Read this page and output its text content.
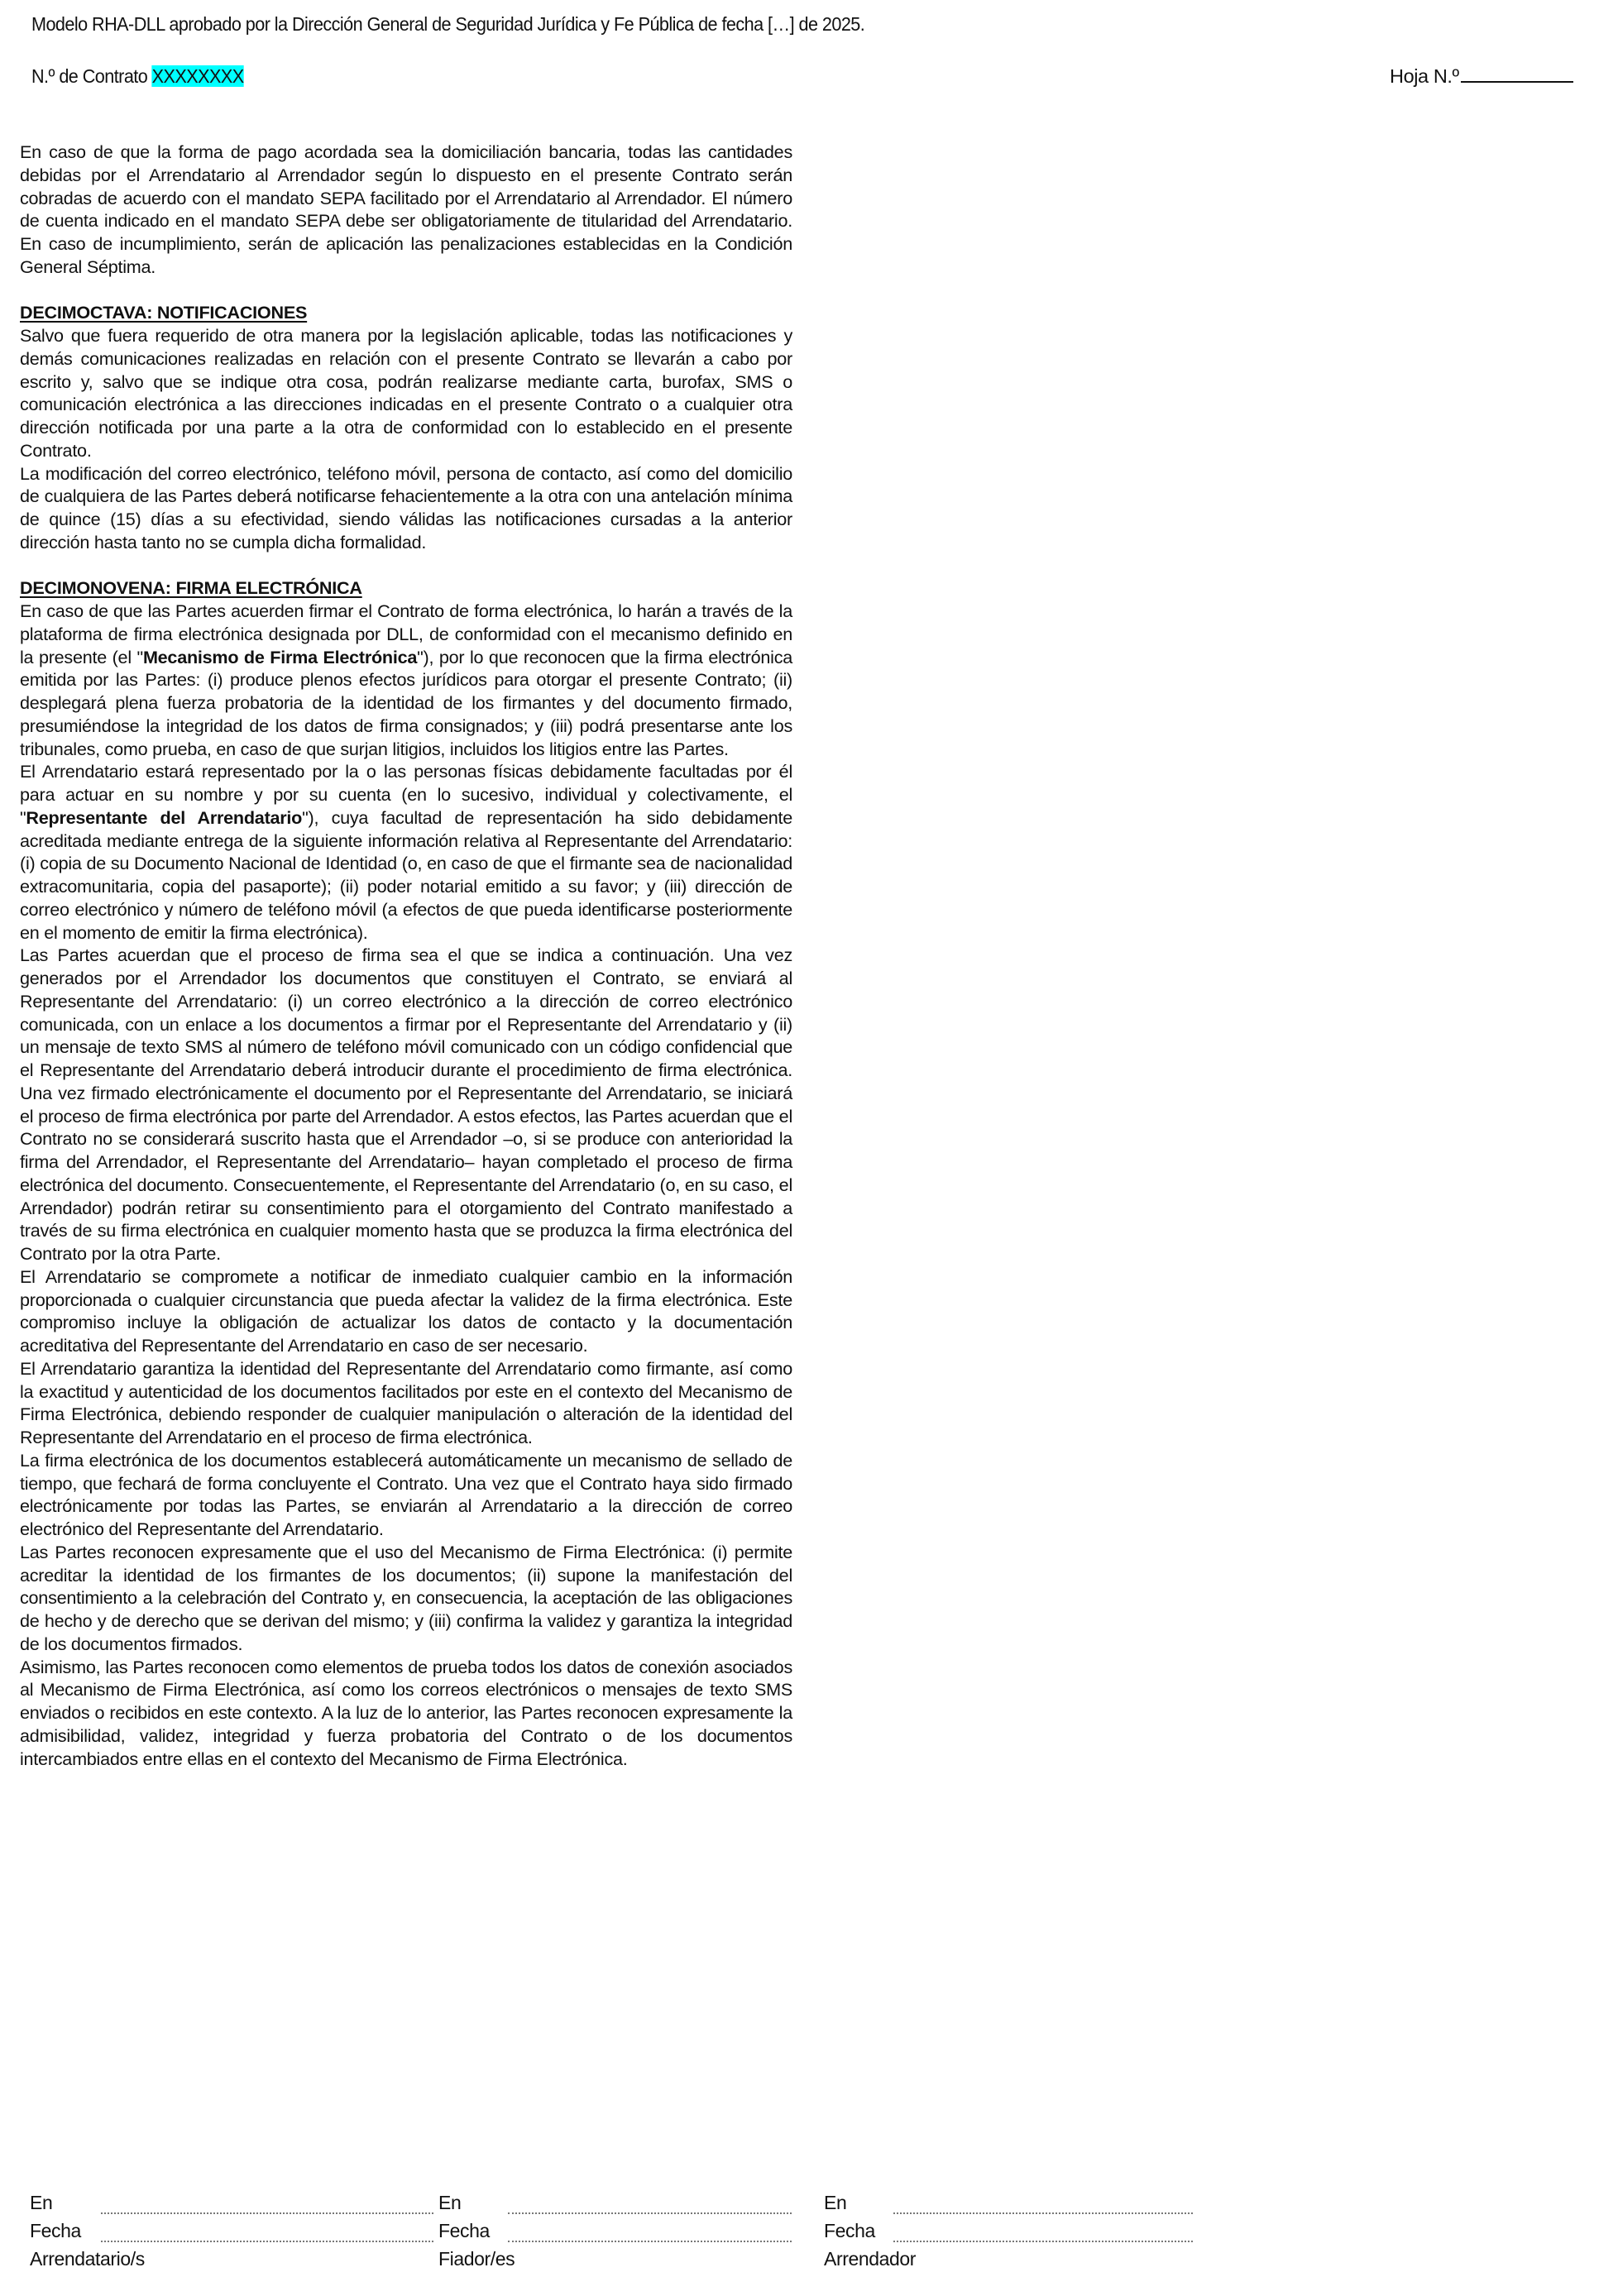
Modelo RHA-DLL aprobado por la Dirección General de Seguridad Jurídica y Fe Pública de fecha […] de 2025.
N.º de Contrato XXXXXXXX	Hoja N.º

En caso de que la forma de pago acordada sea la domiciliación bancaria, todas las cantidades debidas por el Arrendatario al Arrendador según lo dispuesto en el presente Contrato serán cobradas de acuerdo con el mandato SEPA facilitado por el Arrendatario al Arrendador. El número de cuenta indicado en el mandato SEPA debe ser obligatoriamente de titularidad del Arrendatario. En caso de incumplimiento, serán de aplicación las penalizaciones establecidas en la Condición General Séptima.

DECIMOCTAVA: NOTIFICACIONES

Salvo que fuera requerido de otra manera por la legislación aplicable, todas las notificaciones y demás comunicaciones realizadas en relación con el presente Contrato se llevarán a cabo por escrito y, salvo que se indique otra cosa, podrán realizarse mediante carta, burofax, SMS o comunicación electrónica a las direcciones indicadas en el presente Contrato o a cualquier otra dirección notificada por una parte a la otra de conformidad con lo establecido en el presente Contrato.

La modificación del correo electrónico, teléfono móvil, persona de contacto, así como del domicilio de cualquiera de las Partes deberá notificarse fehacientemente a la otra con una antelación mínima de quince (15) días a su efectividad, siendo válidas las notificaciones cursadas a la anterior dirección hasta tanto no se cumpla dicha formalidad.

DECIMONOVENA: FIRMA ELECTRÓNICA

En caso de que las Partes acuerden firmar el Contrato de forma electrónica, lo harán a través de la plataforma de firma electrónica designada por DLL, de conformidad con el mecanismo definido en la presente (el "Mecanismo de Firma Electrónica"), por lo que reconocen que la firma electrónica emitida por las Partes: (i) produce plenos efectos jurídicos para otorgar el presente Contrato; (ii) desplegará plena fuerza probatoria de la identidad de los firmantes y del documento firmado, presumiéndose la integridad de los datos de firma consignados; y (iii) podrá presentarse ante los tribunales, como prueba, en caso de que surjan litigios, incluidos los litigios entre las Partes.

El Arrendatario estará representado por la o las personas físicas debidamente facultadas por él para actuar en su nombre y por su cuenta (en lo sucesivo, individual y colectivamente, el "Representante del Arrendatario"), cuya facultad de representación ha sido debidamente acreditada mediante entrega de la siguiente información relativa al Representante del Arrendatario: (i) copia de su Documento Nacional de Identidad (o, en caso de que el firmante sea de nacionalidad extracomunitaria, copia del pasaporte); (ii) poder notarial emitido a su favor; y (iii) dirección de correo electrónico y número de teléfono móvil (a efectos de que pueda identificarse posteriormente en el momento de emitir la firma electrónica).

Las Partes acuerdan que el proceso de firma sea el que se indica a continuación. Una vez generados por el Arrendador los documentos que constituyen el Contrato, se enviará al Representante del Arrendatario: (i) un correo electrónico a la dirección de correo electrónico comunicada, con un enlace a los documentos a firmar por el Representante del Arrendatario y (ii) un mensaje de texto SMS al número de teléfono móvil comunicado con un código confidencial que el Representante del Arrendatario deberá introducir durante el procedimiento de firma electrónica. Una vez firmado electrónicamente el documento por el Representante del Arrendatario, se iniciará el proceso de firma electrónica por parte del Arrendador. A estos efectos, las Partes acuerdan que el Contrato no se considerará suscrito hasta que el Arrendador –o, si se produce con anterioridad la firma del Arrendador, el Representante del Arrendatario– hayan completado el proceso de firma electrónica del documento. Consecuentemente, el Representante del Arrendatario (o, en su caso, el Arrendador) podrán retirar su consentimiento para el otorgamiento del Contrato manifestado a través de su firma electrónica en cualquier momento hasta que se produzca la firma electrónica del Contrato por la otra Parte.

El Arrendatario se compromete a notificar de inmediato cualquier cambio en la información proporcionada o cualquier circunstancia que pueda afectar la validez de la firma electrónica. Este compromiso incluye la obligación de actualizar los datos de contacto y la documentación acreditativa del Representante del Arrendatario en caso de ser necesario.

El Arrendatario garantiza la identidad del Representante del Arrendatario como firmante, así como la exactitud y autenticidad de los documentos facilitados por este en el contexto del Mecanismo de Firma Electrónica, debiendo responder de cualquier manipulación o alteración de la identidad del Representante del Arrendatario en el proceso de firma electrónica.

La firma electrónica de los documentos establecerá automáticamente un mecanismo de sellado de tiempo, que fechará de forma concluyente el Contrato. Una vez que el Contrato haya sido firmado electrónicamente por todas las Partes, se enviarán al Arrendatario a la dirección de correo electrónico del Representante del Arrendatario.

Las Partes reconocen expresamente que el uso del Mecanismo de Firma Electrónica: (i) permite acreditar la identidad de los firmantes de los documentos; (ii) supone la manifestación del consentimiento a la celebración del Contrato y, en consecuencia, la aceptación de las obligaciones de hecho y de derecho que se derivan del mismo; y (iii) confirma la validez y garantiza la integridad de los documentos firmados.

Asimismo, las Partes reconocen como elementos de prueba todos los datos de conexión asociados al Mecanismo de Firma Electrónica, así como los correos electrónicos o mensajes de texto SMS enviados o recibidos en este contexto. A la luz de lo anterior, las Partes reconocen expresamente la admisibilidad, validez, integridad y fuerza probatoria del Contrato o de los documentos intercambiados entre ellas en el contexto del Mecanismo de Firma Electrónica.

En
Fecha
Arrendatario/s
En
Fecha
Fiador/es
En
Fecha
Arrendador
